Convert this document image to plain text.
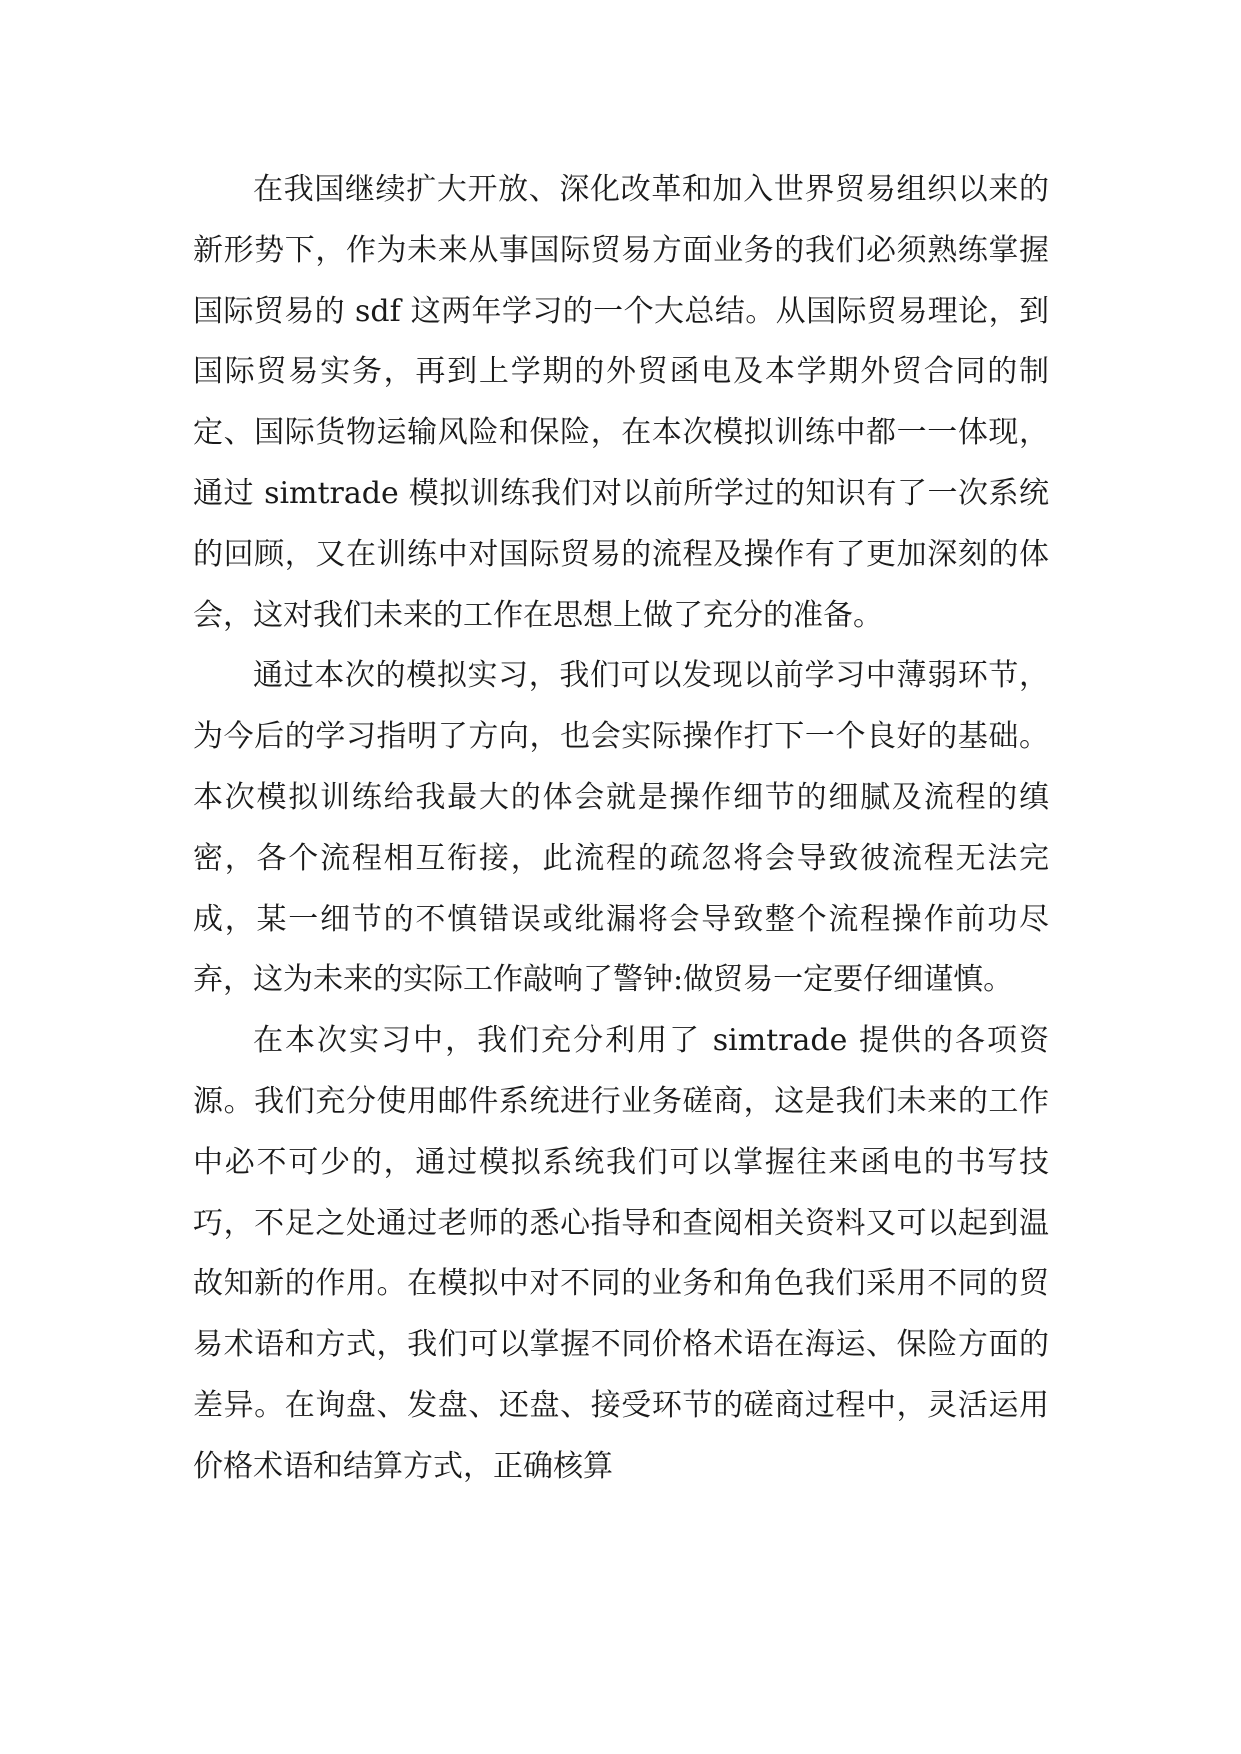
在我国继续扩大开放、深化改革和加入世界贸易组织以来的新形势下，作为未来从事国际贸易方面业务的我们必须熟练掌握国际贸易的 sdf 这两年学习的一个大总结。从国际贸易理论，到国际贸易实务，再到上学期的外贸函电及本学期外贸合同的制定、国际货物运输风险和保险，在本次模拟训练中都一一体现，通过 simtrade 模拟训练我们对以前所学过的知识有了一次系统的回顾，又在训练中对国际贸易的流程及操作有了更加深刻的体会，这对我们未来的工作在思想上做了充分的准备。

通过本次的模拟实习，我们可以发现以前学习中薄弱环节，为今后的学习指明了方向，也会实际操作打下一个良好的基础。本次模拟训练给我最大的体会就是操作细节的细腻及流程的缜密，各个流程相互衔接，此流程的疏忽将会导致彼流程无法完成，某一细节的不慎错误或纰漏将会导致整个流程操作前功尽弃，这为未来的实际工作敲响了警钟:做贸易一定要仔细谨慎。

在本次实习中，我们充分利用了 simtrade 提供的各项资源。我们充分使用邮件系统进行业务磋商，这是我们未来的工作中必不可少的，通过模拟系统我们可以掌握往来函电的书写技巧，不足之处通过老师的悉心指导和查阅相关资料又可以起到温故知新的作用。在模拟中对不同的业务和角色我们采用不同的贸易术语和方式，我们可以掌握不同价格术语在海运、保险方面的差异。在询盘、发盘、还盘、接受环节的磋商过程中，灵活运用价格术语和结算方式，正确核算
